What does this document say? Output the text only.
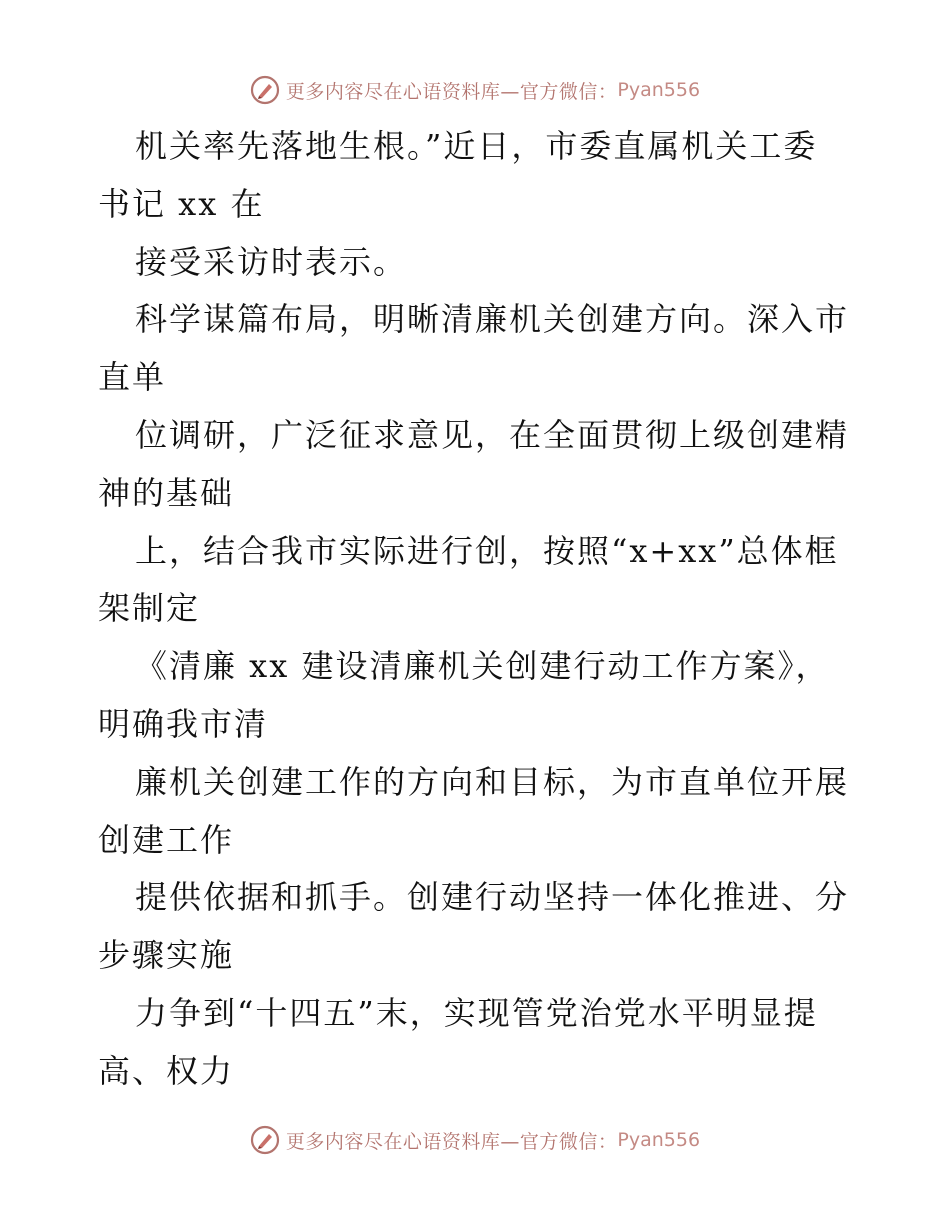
更多内容尽在心语资料库—官方微信： Pyan556
机关率先落地生根。”近日，市委直属机关工委
书记 xx 在
接受采访时表示。
科学谋篇布局，明晰清廉机关创建方向。深入市
直单
位调研，广泛征求意见，在全面贯彻上级创建精
神的基础
上，结合我市实际进行创，按照“x+xx”总体框
架制定
《清廉 xx 建设清廉机关创建行动工作方案》，
明确我市清
廉机关创建工作的方向和目标，为市直单位开展
创建工作
提供依据和抓手。创建行动坚持一体化推进、分
步骤实施
力争到“十四五”末，实现管党治党水平明显提
高、权力
更多内容尽在心语资料库—官方微信： Pyan556
